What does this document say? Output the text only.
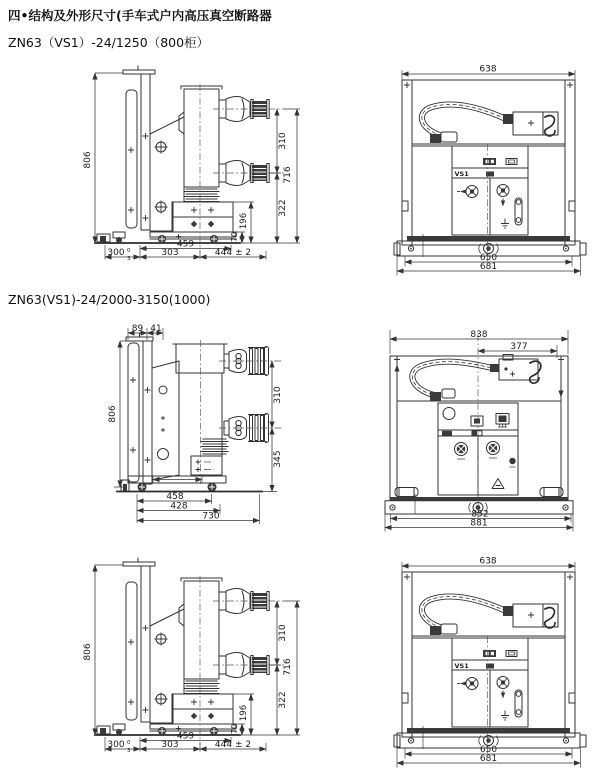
四•结构及外形尺寸(手车式户内高压真空断路器
ZN63（VS1）-24/1250（800柜）
ZN63(VS1)-24/2000-3150(1000)
806
310
322
716
196
70
459
303	444 ± 2
300 0
3
VS1
638
650
681
89 41
806
310
345
458
428
730
838
377
852
881
806
310
322
716
196
70
459
303	444 ± 2
300 0
3
VS1
638
650
681
